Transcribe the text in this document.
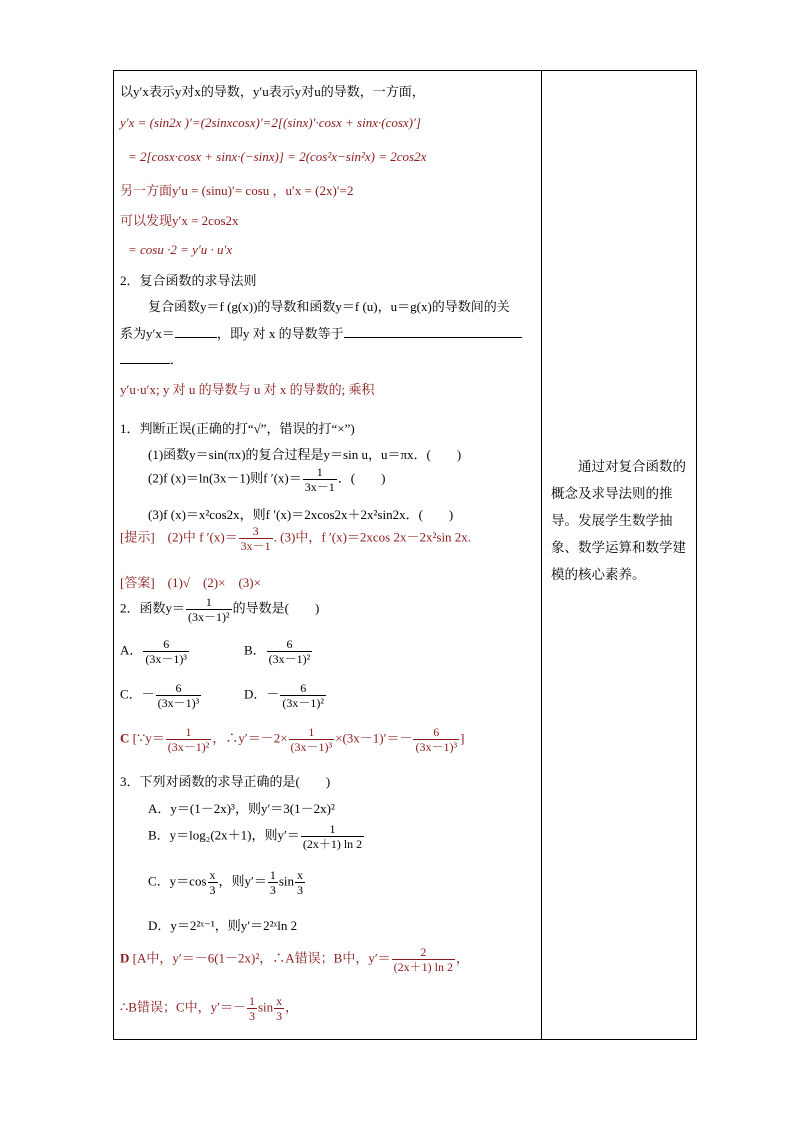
以y′x表示y对x的导数，y′u表示y对u的导数，一方面，
y′x = (sin2x )′=(2sinxcosx)′=2[(sinx)′·cosx + sinx·(cosx)′]
= 2[cosx·cosx + sinx·(−sinx)] = 2(cos²x−sin²x) = 2cos2x
另一方面y′u = (sinu)′= cosu ，u′x = (2x)′=2
可以发现y′x = 2cos2x
= cosu ·2 = y′u · u′x
2．复合函数的求导法则
复合函数y＝f (g(x))的导数和函数y＝f (u)，u＝g(x)的导数间的关
系为y′x＝	，即y 对 x 的导数等于
．
y′u·u′x; y 对 u 的导数与 u 对 x 的导数的; 乘积
1．判断正误(正确的打“√”，错误的打“×”)
(1)函数y＝sin(πx)的复合过程是y＝sin u，u＝πx．(　　)
(2)f (x)＝ln(3x－1)则f $'(x)= \frac{1}{3x-1}$ ．(　　)
(3)f (x)＝x²cos2x，则f ′(x)＝2xcos2x＋2x²sin2x．(　　)
[提示]　(2)中 f $'(x)= \frac{3}{3x-1}$ . (3)中，f ′(x)＝2xcos 2x－2x²sin 2x.
[答案]　(1)√　(2)×　(3)×
2．函数$y= \frac{1}{\text{(3x－1)²}}$ 的导数是(　　)
A． $\frac{6}{\text{(3x－1)³}}$	B． $\frac{6}{\text{(3x－1)²}}$
C．－ $\frac{6}{\text{(3x－1)³}}$	D．－ $\frac{6}{\text{(3x－1)²}}$
C [∵y＝ $\frac{1}{\text{(3x－1)²}}$ ，∴y′＝－2× $\frac{1}{\text{(3x－1)³}} \times(3x-1)'=- \frac{6}{\text{(3x－1)³}}$ ]
3．下列对函数的求导正确的是(　　)
A．y＝(1－2x)³，则y′＝3(1－2x)²
B．y＝log₂(2x＋1)，则$y'= \frac{1}{(2x+1) \ln 2}$
C．$y=\cos \frac{x}{3}$ ，则$y'= \frac{1}{3}$ $\sin \frac{x}{3}$
D．y＝2²ˣ⁻¹，则y′＝2²ˣln 2
D [A中，y′＝－6(1－2x)²，∴A错误；B中，$y'= \frac{2}{(2x+1) \ln 2}$ ，
∴B错误；C中，$y'=- \frac{1}{3}$ $\sin \frac{x}{3}$ ，
通过对复合函数的概念及求导法则的推导。发展学生数学抽象、数学运算和数学建模的核心素养。
